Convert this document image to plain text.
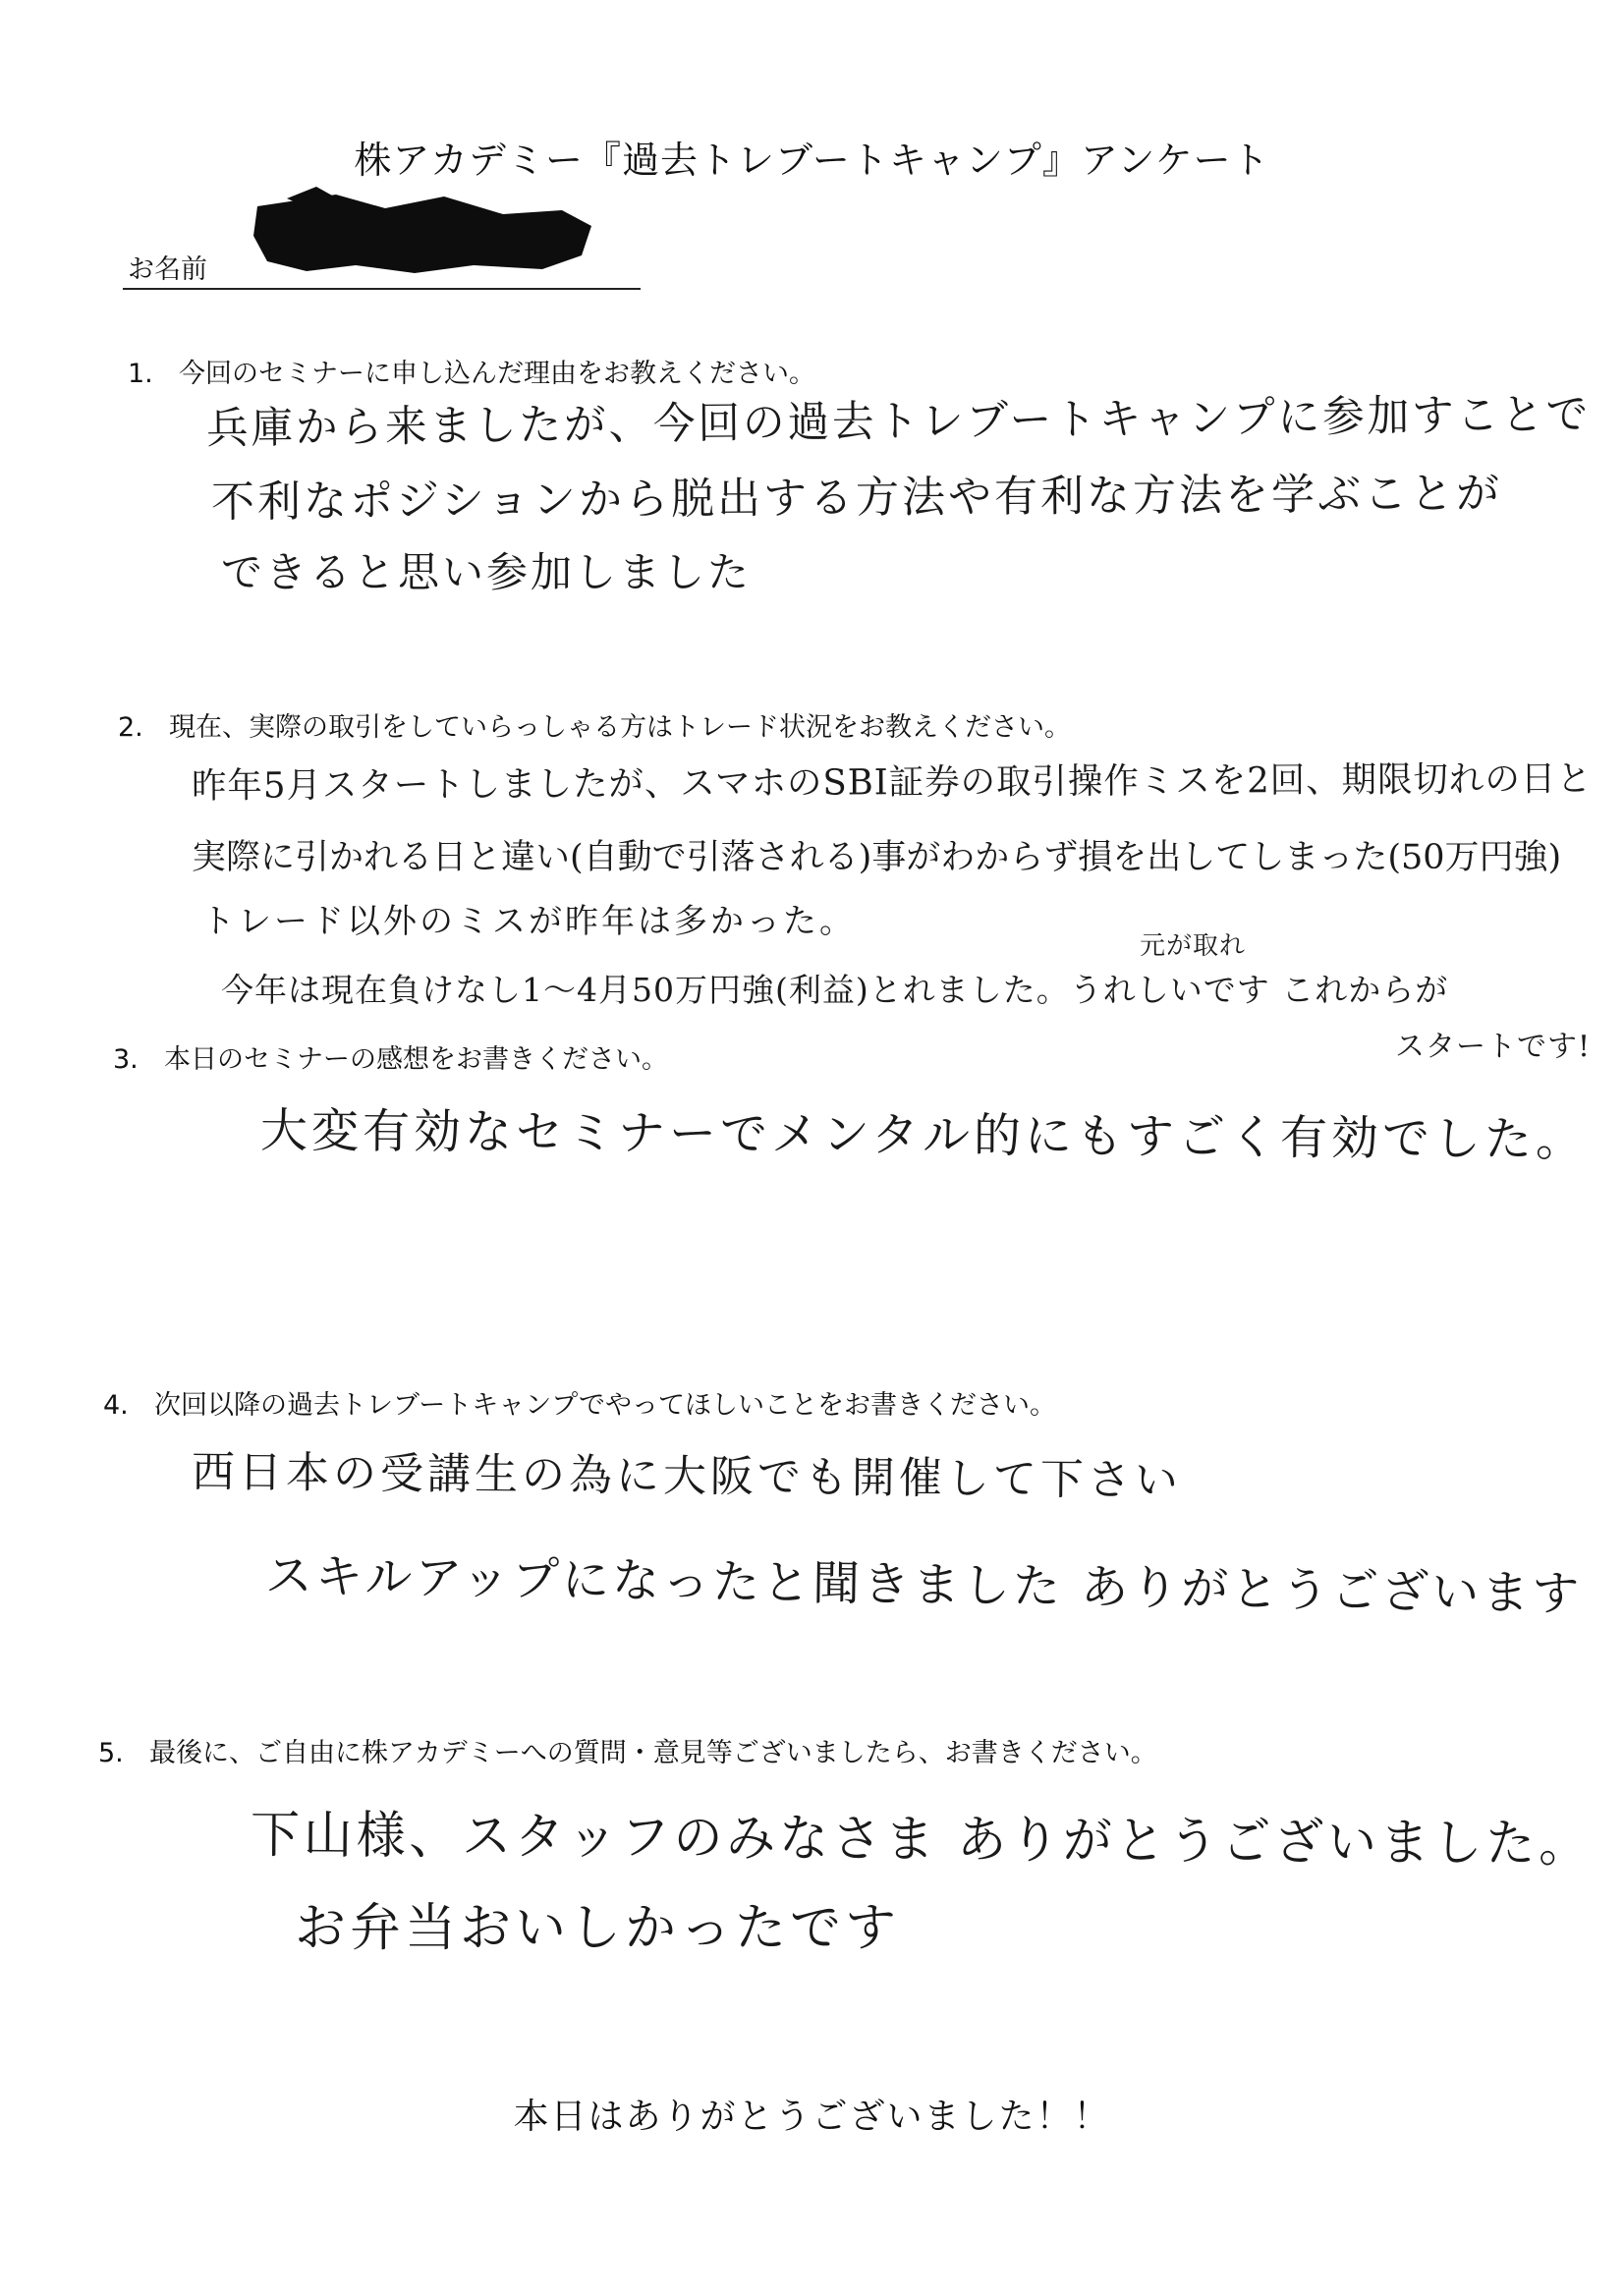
株アカデミー『過去トレブートキャンプ』アンケート
お名前
1. 今回のセミナーに申し込んだ理由をお教えください。
兵庫から来ましたが、今回の過去トレブートキャンプに参加すことで
不利なポジションから脱出する方法や有利な方法を学ぶことが
できると思い参加しました
2. 現在、実際の取引をしていらっしゃる方はトレード状況をお教えください。
昨年5月スタートしましたが、スマホのSBI証券の取引操作ミスを2回、期限切れの日と
実際に引かれる日と違い(自動で引落される)事がわからず損を出してしまった(50万円強)
トレード以外のミスが昨年は多かった。
元が取れ
今年は現在負けなし1〜4月50万円強(利益)とれました。うれしいです これからが
スタートです!
3. 本日のセミナーの感想をお書きください。
大変有効なセミナーでメンタル的にもすごく有効でした。
4. 次回以降の過去トレブートキャンプでやってほしいことをお書きください。
西日本の受講生の為に大阪でも開催して下さい
スキルアップになったと聞きました ありがとうございます
5. 最後に、ご自由に株アカデミーへの質問・意見等ございましたら、お書きください。
下山様、スタッフのみなさま ありがとうございました。
お弁当おいしかったです
本日はありがとうございました！！
